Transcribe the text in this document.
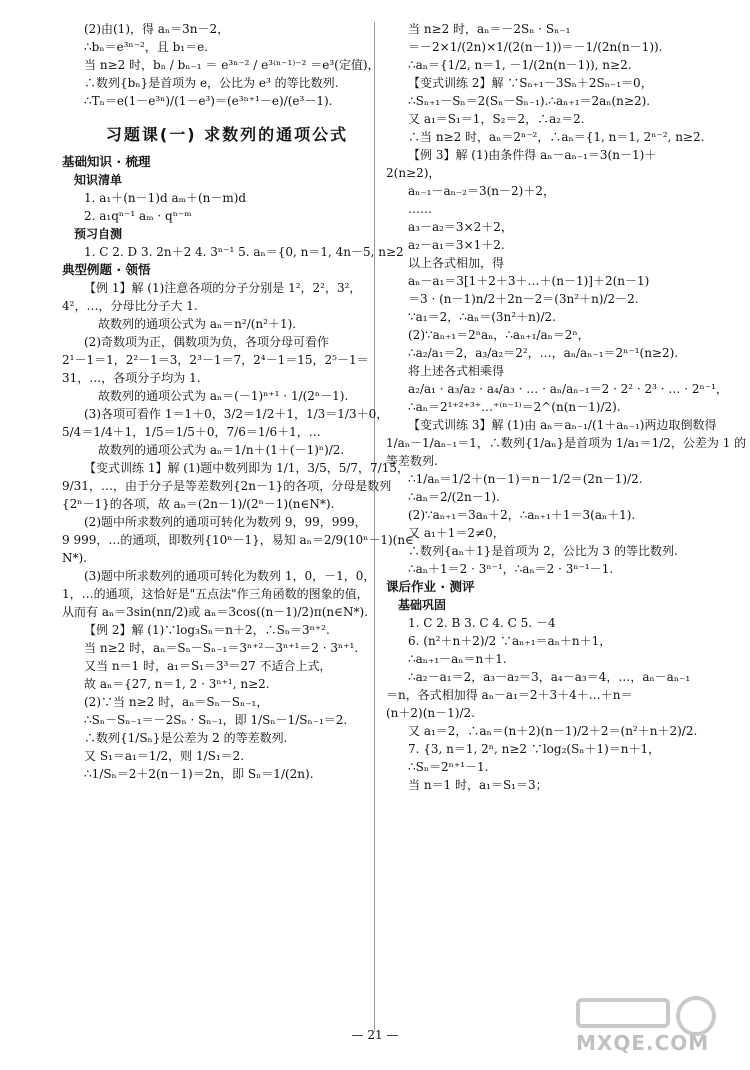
(2)由(1)，得 aₙ＝3n－2，
∴bₙ＝e³ⁿ⁻²，且 b₁＝e.
当 n≥2 时，bₙ / bₙ₋₁ ＝ e³ⁿ⁻² / e³⁽ⁿ⁻¹⁾⁻² ＝e³(定值)，
∴数列{bₙ}是首项为 e，公比为 e³ 的等比数列.
∴Tₙ＝e(1－e³ⁿ)/(1－e³)＝(e³ⁿ⁺¹－e)/(e³－1).
习题课(一) 求数列的通项公式
基础知识 · 梳理
知识清单
1. a₁＋(n－1)d aₘ＋(n－m)d
2. a₁qⁿ⁻¹ aₘ · qⁿ⁻ᵐ
预习自测
1. C 2. D 3. 2n＋2 4. 3ⁿ⁻¹ 5. aₙ＝{0, n＝1, 4n－5, n≥2
典型例题 · 领悟
【例 1】解 (1)注意各项的分子分别是 1²，2²，3²，
4²，…，分母比分子大 1.
故数列的通项公式为 aₙ＝n²/(n²＋1).
(2)奇数项为正，偶数项为负，各项分母可看作
2¹－1＝1，2²－1＝3，2³－1＝7，2⁴－1＝15，2⁵－1＝
31，…，各项分子均为 1.
故数列的通项公式为 aₙ＝(－1)ⁿ⁺¹ · 1/(2ⁿ－1).
(3)各项可看作 1＝1＋0，3/2＝1/2＋1，1/3＝1/3＋0，
5/4＝1/4＋1，1/5＝1/5＋0，7/6＝1/6＋1，…
故数列的通项公式为 aₙ＝1/n＋(1＋(－1)ⁿ)/2.
【变式训练 1】解 (1)题中数列即为 1/1，3/5，5/7，7/15，
9/31，…，由于分子是等差数列{2n－1}的各项，分母是数列
{2ⁿ－1}的各项，故 aₙ＝(2n－1)/(2ⁿ－1)(n∈N*).
(2)题中所求数列的通项可转化为数列 9，99，999，
9 999，…的通项，即数列{10ⁿ－1}，易知 aₙ＝2/9(10ⁿ－1)(n∈
N*).
(3)题中所求数列的通项可转化为数列 1，0，－1，0，
1，…的通项，这恰好是"五点法"作三角函数的图象的值，
从而有 aₙ＝3sin(nπ/2)或 aₙ＝3cos((n－1)/2)π(n∈N*).
【例 2】解 (1)∵log₃Sₙ＝n＋2，∴Sₙ＝3ⁿ⁺².
当 n≥2 时，aₙ＝Sₙ－Sₙ₋₁＝3ⁿ⁺²－3ⁿ⁺¹＝2 · 3ⁿ⁺¹.
又当 n＝1 时，a₁＝S₁＝3³＝27 不适合上式，
故 aₙ＝{27, n＝1, 2 · 3ⁿ⁺¹, n≥2.
(2)∵当 n≥2 时，aₙ＝Sₙ－Sₙ₋₁，
∴Sₙ－Sₙ₋₁＝－2Sₙ · Sₙ₋₁，即 1/Sₙ－1/Sₙ₋₁＝2.
∴数列{1/Sₙ}是公差为 2 的等差数列.
又 S₁＝a₁＝1/2，则 1/S₁＝2.
∴1/Sₙ＝2＋2(n－1)＝2n，即 Sₙ＝1/(2n).
当 n≥2 时，aₙ＝－2Sₙ · Sₙ₋₁
＝－2×1/(2n)×1/(2(n－1))＝－1/(2n(n－1)).
∴aₙ＝{1/2, n＝1, －1/(2n(n－1)), n≥2.
【变式训练 2】解 ∵Sₙ₊₁－3Sₙ＋2Sₙ₋₁＝0，
∴Sₙ₊₁－Sₙ＝2(Sₙ－Sₙ₋₁).∴aₙ₊₁＝2aₙ(n≥2).
又 a₁＝S₁＝1，S₂＝2，∴a₂＝2.
∴当 n≥2 时，aₙ＝2ⁿ⁻²，∴aₙ＝{1, n＝1, 2ⁿ⁻², n≥2.
【例 3】解 (1)由条件得 aₙ－aₙ₋₁＝3(n－1)＋
2(n≥2)，
aₙ₋₁－aₙ₋₂＝3(n－2)＋2，
……
a₃－a₂＝3×2＋2，
a₂－a₁＝3×1＋2.
以上各式相加，得
aₙ－a₁＝3[1＋2＋3＋…＋(n－1)]＋2(n－1)
＝3 · (n－1)n/2＋2n－2＝(3n²＋n)/2－2.
∵a₁＝2，∴aₙ＝(3n²＋n)/2.
(2)∵aₙ₊₁＝2ⁿaₙ，∴aₙ₊₁/aₙ＝2ⁿ，
∴a₂/a₁＝2，a₃/a₂＝2²，…，aₙ/aₙ₋₁＝2ⁿ⁻¹(n≥2).
将上述各式相乘得
a₂/a₁ · a₃/a₂ · a₄/a₃ · … · aₙ/aₙ₋₁＝2 · 2² · 2³ · … · 2ⁿ⁻¹，
∴aₙ＝2¹⁺²⁺³⁺…⁺⁽ⁿ⁻¹⁾＝2^(n(n－1)/2).
【变式训练 3】解 (1)由 aₙ＝aₙ₋₁/(1＋aₙ₋₁)两边取倒数得
1/aₙ－1/aₙ₋₁＝1，∴数列{1/aₙ}是首项为 1/a₁＝1/2，公差为 1 的
等差数列.
∴1/aₙ＝1/2＋(n－1)＝n－1/2＝(2n－1)/2.
∴aₙ＝2/(2n－1).
(2)∵aₙ₊₁＝3aₙ＋2，∴aₙ₊₁＋1＝3(aₙ＋1).
又 a₁＋1＝2≠0，
∴数列{aₙ＋1}是首项为 2，公比为 3 的等比数列.
∴aₙ＋1＝2 · 3ⁿ⁻¹，∴aₙ＝2 · 3ⁿ⁻¹－1.
课后作业 · 测评
基础巩固
1. C 2. B 3. C 4. C 5. －4
6. (n²＋n＋2)/2 ∵aₙ₊₁＝aₙ＋n＋1，
∴aₙ₊₁－aₙ＝n＋1.
∴a₂－a₁＝2，a₃－a₂＝3，a₄－a₃＝4，…，aₙ－aₙ₋₁
＝n，各式相加得 aₙ－a₁＝2＋3＋4＋…＋n＝
(n＋2)(n－1)/2.
又 a₁＝2，∴aₙ＝(n＋2)(n－1)/2＋2＝(n²＋n＋2)/2.
7. {3, n＝1, 2ⁿ, n≥2 ∵log₂(Sₙ＋1)＝n＋1，
∴Sₙ＝2ⁿ⁺¹－1.
当 n＝1 时，a₁＝S₁＝3；
— 21 —	MXQE.COM
